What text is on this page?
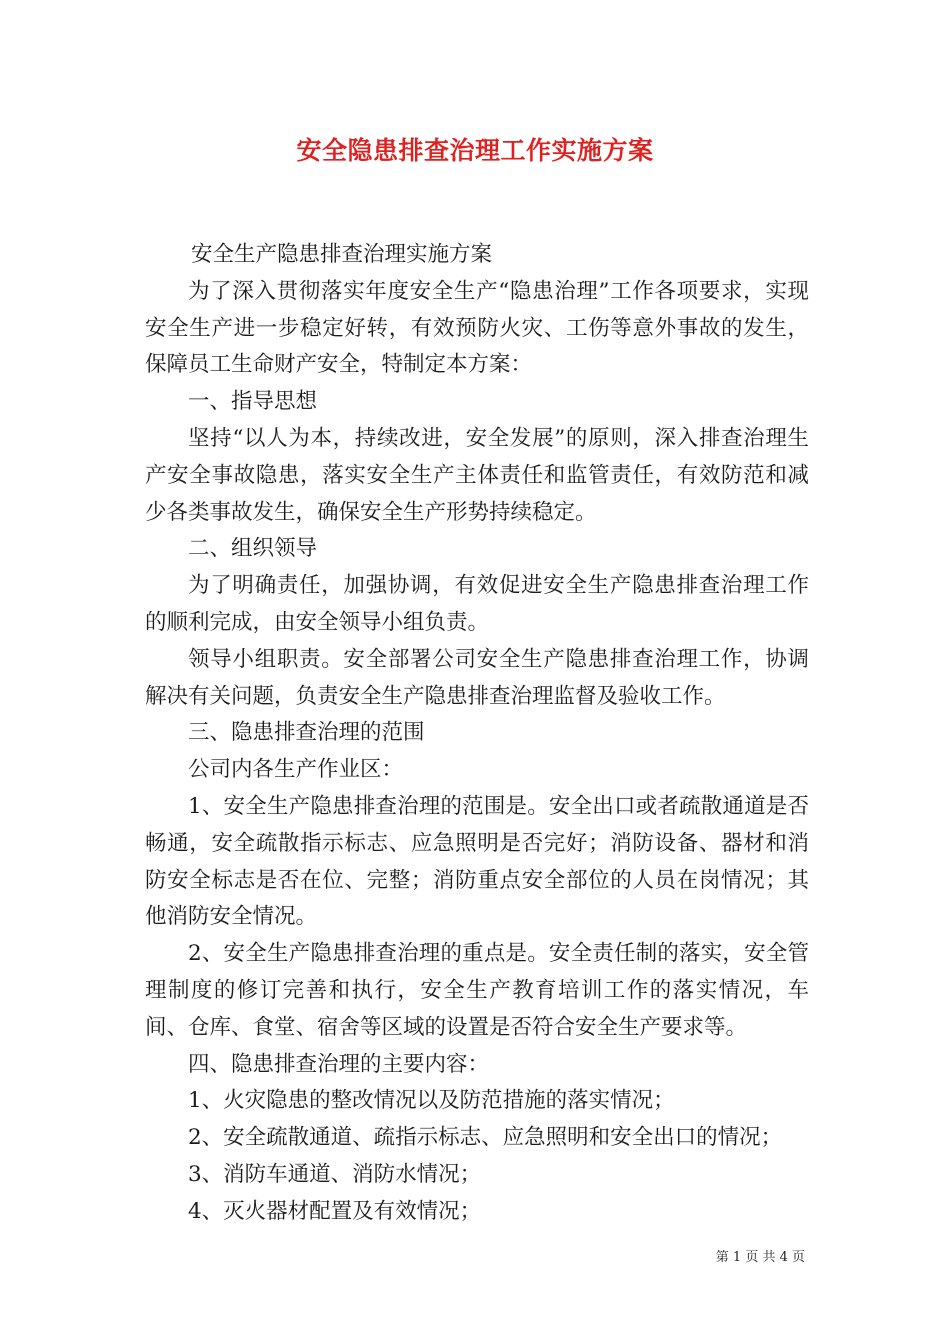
安全隐患排查治理工作实施方案

安全生产隐患排查治理实施方案

为了深入贯彻落实年度安全生产“隐患治理”工作各项要求，实现安全生产进一步稳定好转，有效预防火灾、工伤等意外事故的发生，保障员工生命财产安全，特制定本方案：

一、指导思想

坚持“以人为本，持续改进，安全发展”的原则，深入排查治理生产安全事故隐患，落实安全生产主体责任和监管责任，有效防范和减少各类事故发生，确保安全生产形势持续稳定。

二、组织领导

为了明确责任，加强协调，有效促进安全生产隐患排查治理工作的顺利完成，由安全领导小组负责。

领导小组职责。安全部署公司安全生产隐患排查治理工作，协调解决有关问题，负责安全生产隐患排查治理监督及验收工作。

三、隐患排查治理的范围

公司内各生产作业区：

1、安全生产隐患排查治理的范围是。安全出口或者疏散通道是否畅通，安全疏散指示标志、应急照明是否完好；消防设备、器材和消防安全标志是否在位、完整；消防重点安全部位的人员在岗情况；其他消防安全情况。

2、安全生产隐患排查治理的重点是。安全责任制的落实，安全管理制度的修订完善和执行，安全生产教育培训工作的落实情况，车间、仓库、食堂、宿舍等区域的设置是否符合安全生产要求等。

四、隐患排查治理的主要内容：

1、火灾隐患的整改情况以及防范措施的落实情况；

2、安全疏散通道、疏指示标志、应急照明和安全出口的情况；

3、消防车通道、消防水情况；

4、灭火器材配置及有效情况；

第 1 页 共 4 页
